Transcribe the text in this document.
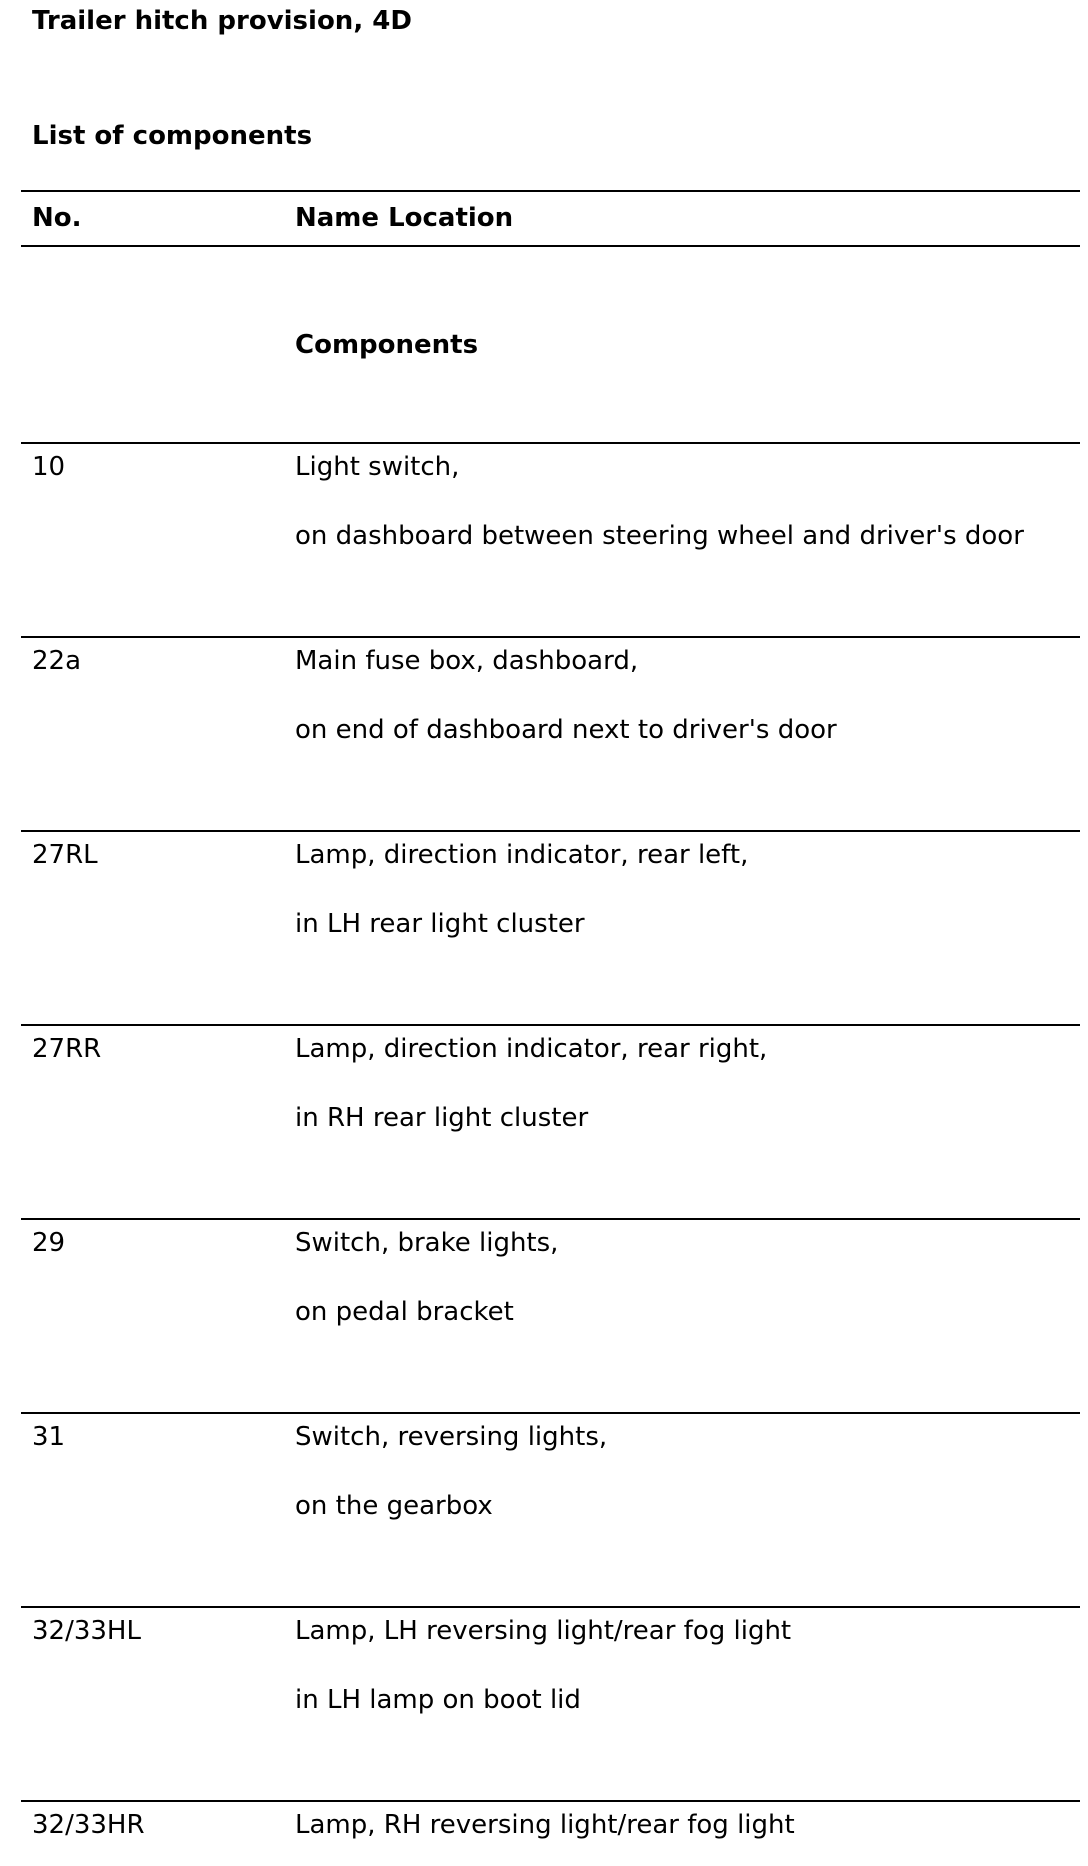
Trailer hitch provision, 4D
List of components
No.	Name Location
Components
10	Light switch,
on dashboard between steering wheel and driver's door
22a	Main fuse box, dashboard,
on end of dashboard next to driver's door
27RL	Lamp, direction indicator, rear left,
in LH rear light cluster
27RR	Lamp, direction indicator, rear right,
in RH rear light cluster
29	Switch, brake lights,
on pedal bracket
31	Switch, reversing lights,
on the gearbox
32/33HL	Lamp, LH reversing light/rear fog light
in LH lamp on boot lid
32/33HR	Lamp, RH reversing light/rear fog light
